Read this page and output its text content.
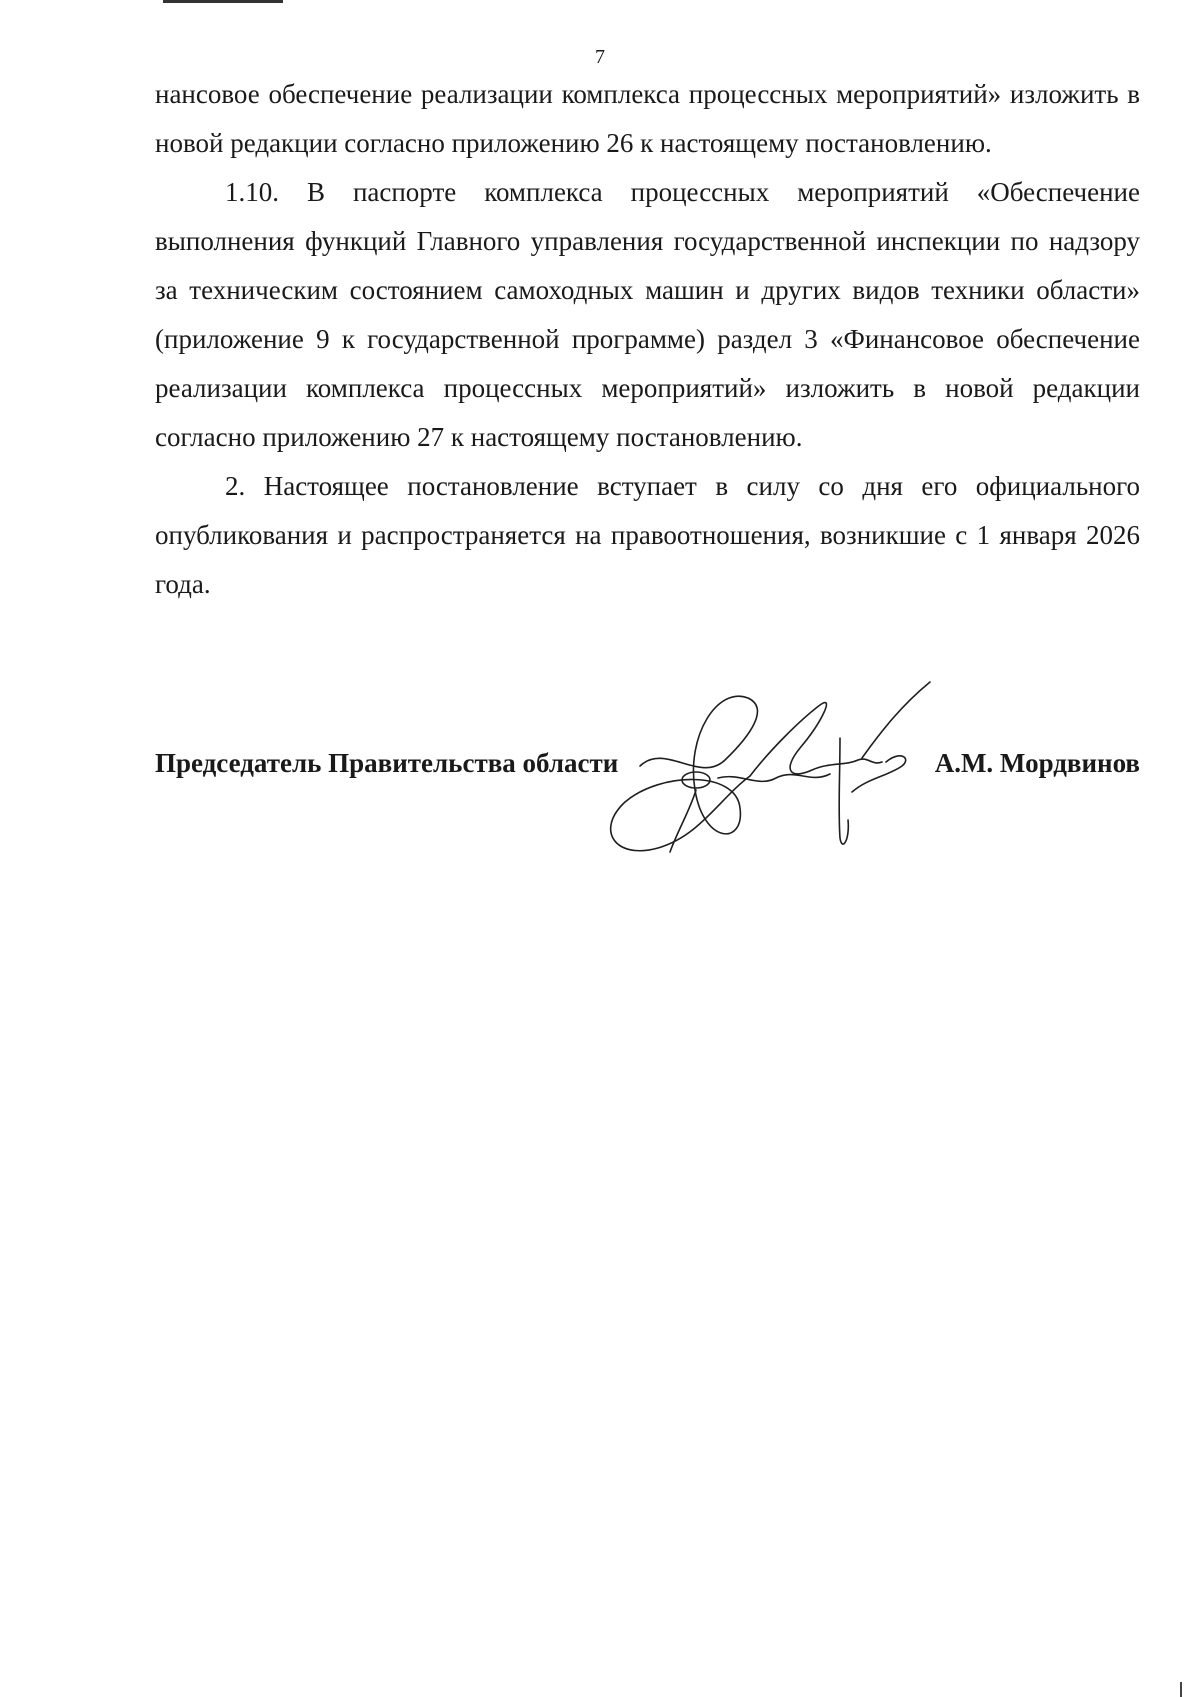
7

нансовое обеспечение реализации комплекса процессных мероприятий» изложить в новой редакции согласно приложению 26 к настоящему постановлению.

1.10. В паспорте комплекса процессных мероприятий «Обеспечение выполнения функций Главного управления государственной инспекции по надзору за техническим состоянием самоходных машин и других видов техники области» (приложение 9 к государственной программе) раздел 3 «Финансовое обеспечение реализации комплекса процессных мероприятий» изложить в новой редакции согласно приложению 27 к настоящему постановлению.

2. Настоящее постановление вступает в силу со дня его официального опубликования и распространяется на правоотношения, возникшие с 1 января 2026 года.

Председатель Правительства области	А.М. Мордвинов
